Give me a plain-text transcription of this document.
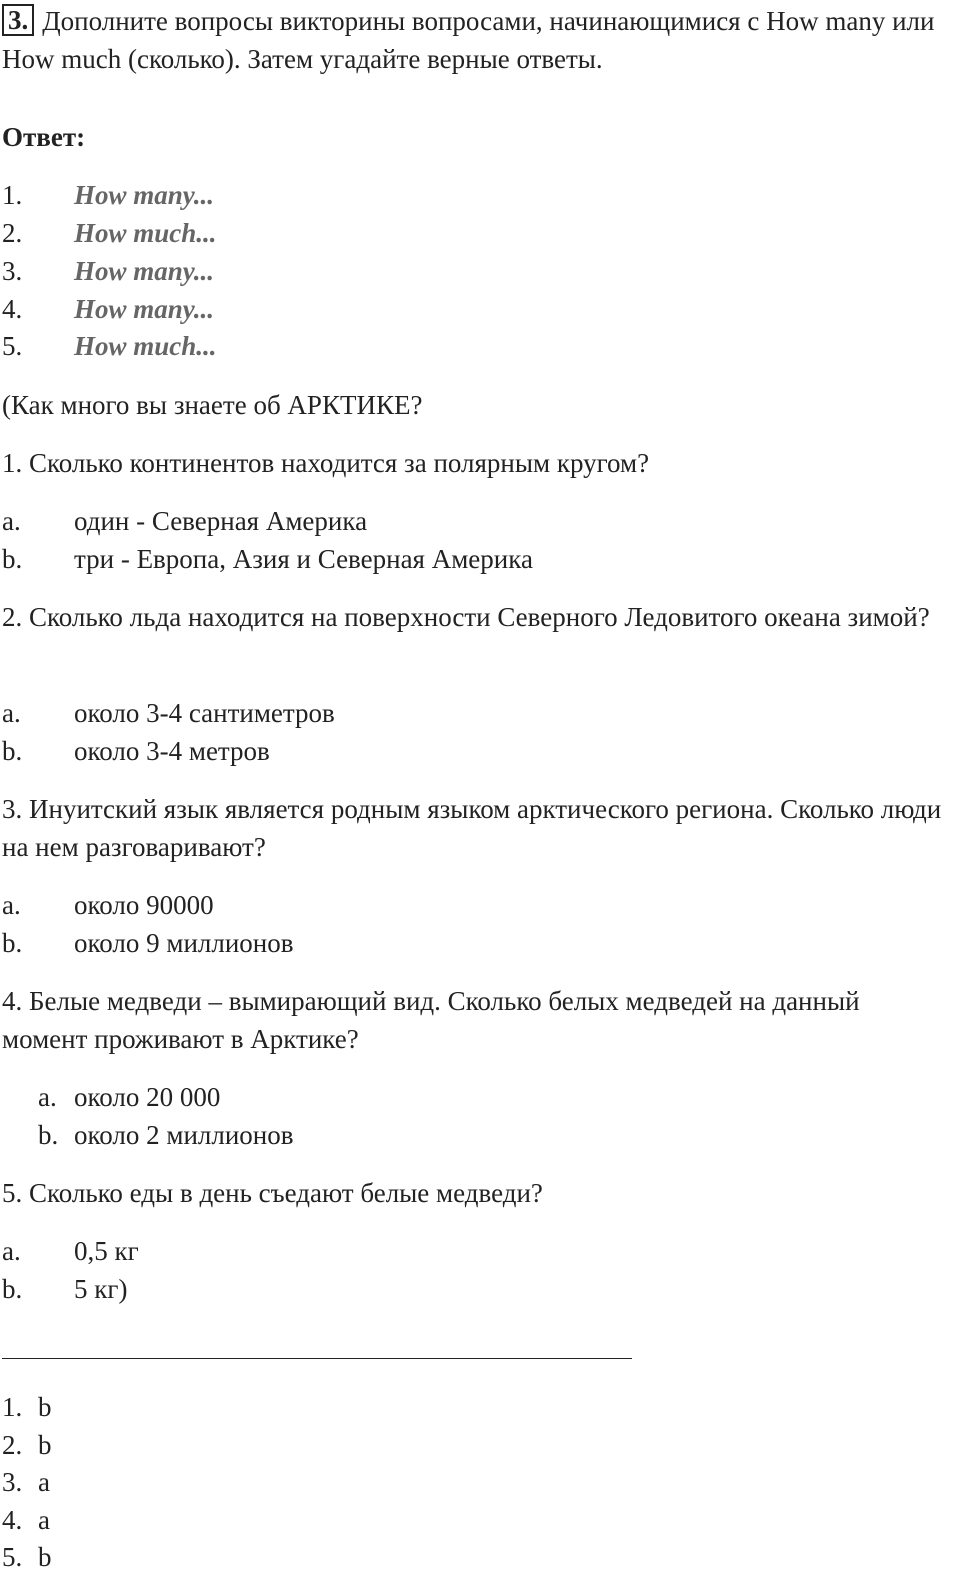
3. Дополните вопросы викторины вопросами, начинающимися с How many или How much (сколько). Затем угадайте верные ответы.
Ответ:
1. How many...
2. How much...
3. How many...
4. How many...
5. How much...
(Как много вы знаете об АРКТИКЕ?
1. Сколько континентов находится за полярным кругом?
a. один - Северная Америка
b. три - Европа, Азия и Северная Америка
2. Сколько льда находится на поверхности Северного Ледовитого океана зимой?
a. около 3-4 сантиметров
b. около 3-4 метров
3. Инуитский язык является родным языком арктического региона. Сколько люди на нем разговаривают?
a. около 90000
b. около 9 миллионов
4. Белые медведи – вымирающий вид. Сколько белых медведей на данный момент проживают в Арктике?
a. около 20 000
b. около 2 миллионов
5. Сколько еды в день съедают белые медведи?
a. 0,5 кг
b. 5 кг)
1. b
2. b
3. a
4. a
5. b
